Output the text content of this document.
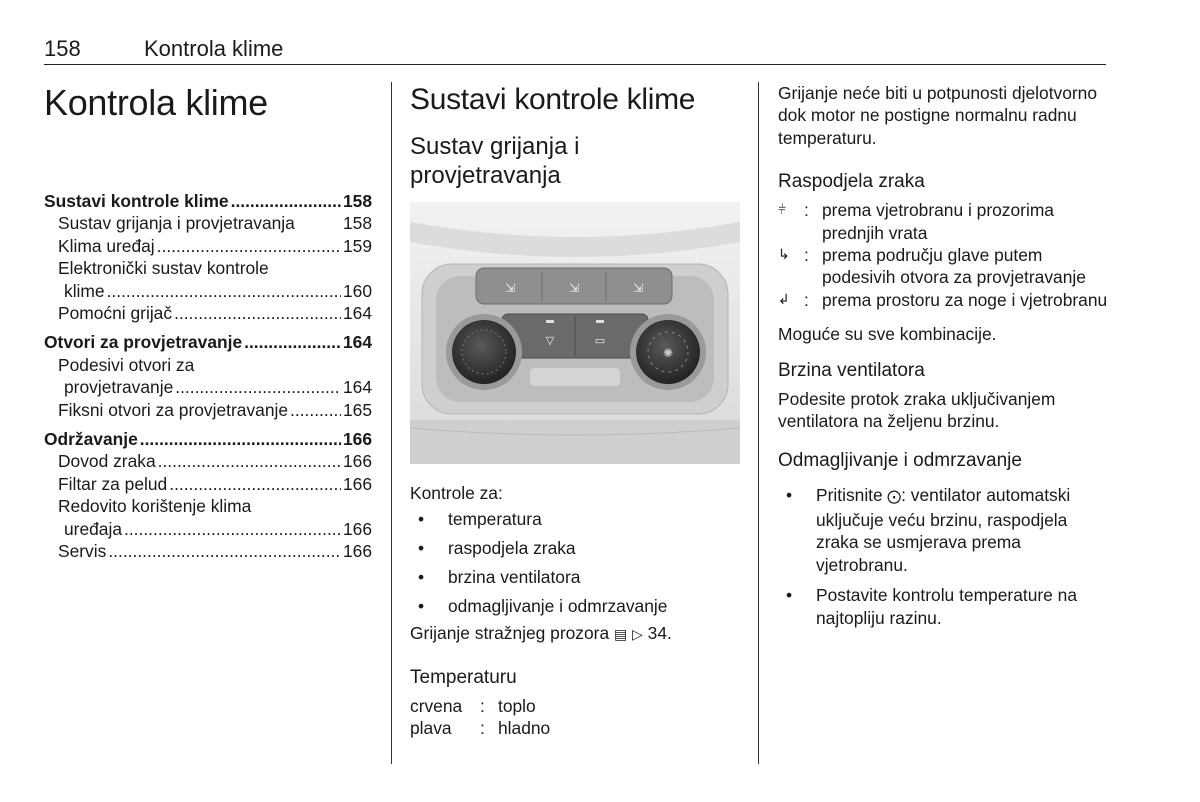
158	Kontrola klime
Kontrola klime
Sustavi kontrole klime .....	158
Sustav grijanja i provjetravanja	158
Klima uređaj .....	159
Elektronički sustav kontrole
klime .....	160
Pomoćni grijač .....	164
Otvori za provjetravanje .....	164
Podesivi otvori za
provjetravanje .....	164
Fiksni otvori za provjetravanje .....	165
Održavanje .....	166
Dovod zraka .....	166
Filtar za pelud .....	166
Redovito korištenje klima
uređaja .....	166
Servis .....	166
Sustavi kontrole klime
Sustav grijanja i
provjetravanja
⇲	⇲	⇲
▽	▭
✺
Kontrole za:
• temperatura
• raspodjela zraka
• brzina ventilatora
• odmagljivanje i odmrzavanje
Grijanje stražnjeg prozora ▤ ▷ 34.
Temperaturu
crvena	: toplo
plava	: hladno
Grijanje neće biti u potpunosti djelotvorno dok motor ne postigne normalnu radnu temperaturu.
Raspodjela zraka
⫩	: prema vjetrobranu i prozorima prednjih vrata
↳ : prema području glave putem podesivih otvora za provjetravanje
↲ : prema prostoru za noge i vjetrobranu
Moguće su sve kombinacije.
Brzina ventilatora
Podesite protok zraka uključivanjem ventilatora na željenu brzinu.
Odmagljivanje i odmrzavanje
• Pritisnite ⨀: ventilator automatski uključuje veću brzinu, raspodjela zraka se usmjerava prema vjetrobranu.
• Postavite kontrolu temperature na najtopliju razinu.
